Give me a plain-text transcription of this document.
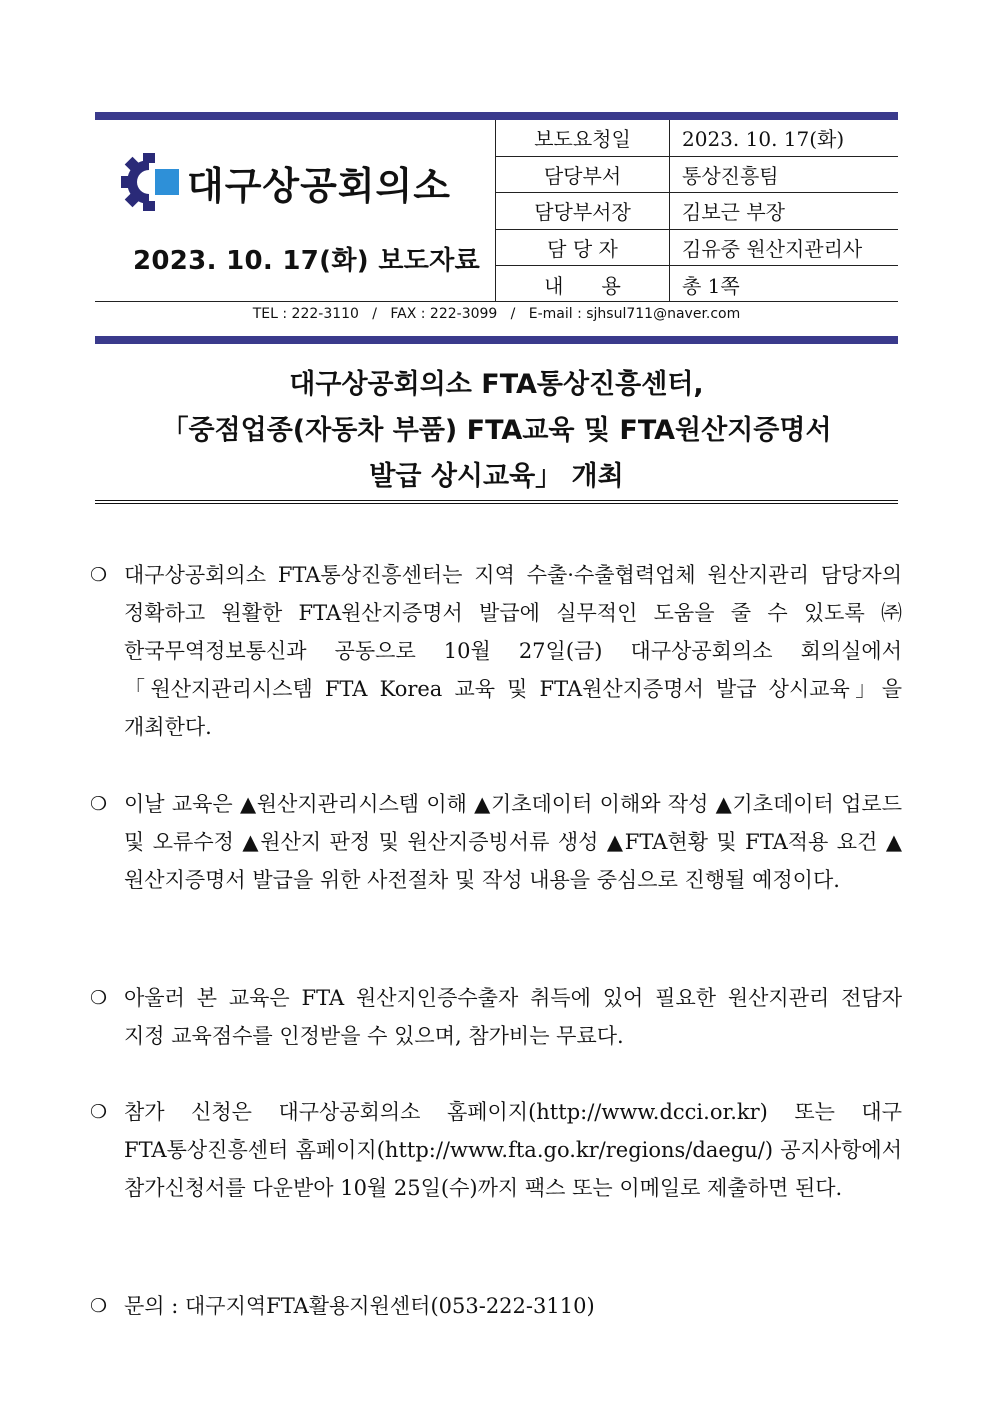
대구상공회의소
2023. 10. 17(화) 보도자료
보도요청일	2023. 10. 17(화)
담당부서	통상진흥팀
담당부서장	김보근 부장
담 당 자	김유중 원산지관리사
내      용	총 1쪽
TEL : 222-3110   /   FAX : 222-3099   /   E-mail : sjhsul711@naver.com
대구상공회의소 FTA통상진흥센터,
「중점업종(자동차 부품) FTA교육 및 FTA원산지증명서
발급 상시교육」 개최
❍ 대구상공회의소 FTA통상진흥센터는 지역 수출·수출협력업체 원산지관리 담당자의 정확하고 원활한 FTA원산지증명서 발급에 실무적인 도움을 줄 수 있도록 ㈜한국무역정보통신과 공동으로 10월 27일(금) 대구상공회의소 회의실에서 「원산지관리시스템 FTA Korea 교육 및 FTA원산지증명서 발급 상시교육」을 개최한다.
❍ 이날 교육은 ▲원산지관리시스템 이해 ▲기초데이터 이해와 작성 ▲기초데이터 업로드 및 오류수정 ▲원산지 판정 및 원산지증빙서류 생성 ▲FTA현황 및 FTA적용 요건 ▲원산지증명서 발급을 위한 사전절차 및 작성 내용을 중심으로 진행될 예정이다.
❍ 아울러 본 교육은 FTA 원산지인증수출자 취득에 있어 필요한 원산지관리 전담자 지정 교육점수를 인정받을 수 있으며, 참가비는 무료다.
❍ 참가 신청은 대구상공회의소 홈페이지(http://www.dcci.or.kr) 또는 대구 FTA통상진흥센터 홈페이지(http://www.fta.go.kr/regions/daegu/) 공지사항에서 참가신청서를 다운받아 10월 25일(수)까지 팩스 또는 이메일로 제출하면 된다.
❍ 문의 : 대구지역FTA활용지원센터(053-222-3110)
